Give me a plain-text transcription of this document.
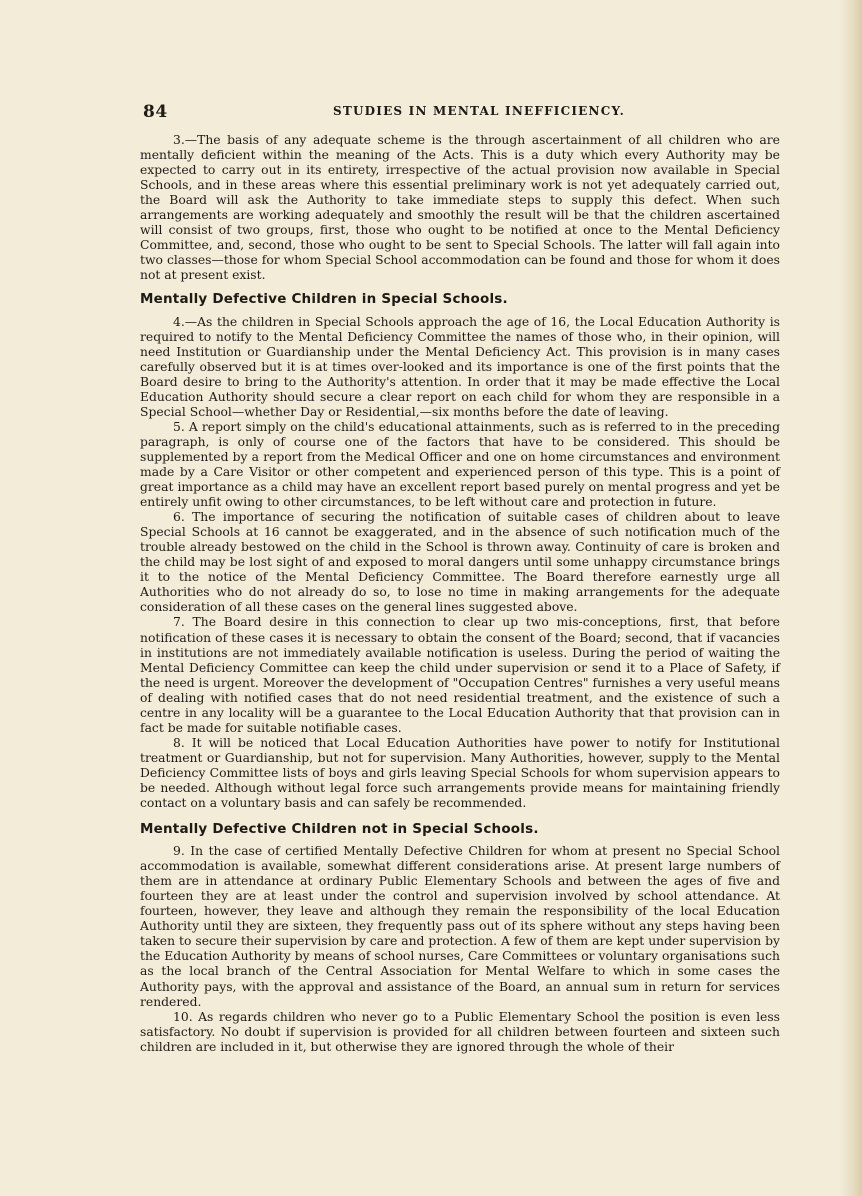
84	STUDIES IN MENTAL INEFFICIENCY.

3.—The basis of any adequate scheme is the through ascertainment of all children who are mentally deficient within the meaning of the Acts. This is a duty which every Authority may be expected to carry out in its entirety, irrespective of the actual provision now available in Special Schools, and in these areas where this essential preliminary work is not yet adequately carried out, the Board will ask the Authority to take immediate steps to supply this defect. When such arrangements are working adequately and smoothly the result will be that the children ascertained will consist of two groups, first, those who ought to be notified at once to the Mental Deficiency Committee, and, second, those who ought to be sent to Special Schools. The latter will fall again into two classes—those for whom Special School accommodation can be found and those for whom it does not at present exist.

Mentally Defective Children in Special Schools.

4.—As the children in Special Schools approach the age of 16, the Local Education Authority is required to notify to the Mental Deficiency Committee the names of those who, in their opinion, will need Institution or Guardianship under the Mental Deficiency Act. This provision is in many cases carefully observed but it is at times over-looked and its importance is one of the first points that the Board desire to bring to the Authority's attention. In order that it may be made effective the Local Education Authority should secure a clear report on each child for whom they are responsible in a Special School—whether Day or Residential,—six months before the date of leaving.

5. A report simply on the child's educational attainments, such as is referred to in the preceding paragraph, is only of course one of the factors that have to be considered. This should be supplemented by a report from the Medical Officer and one on home circumstances and environment made by a Care Visitor or other competent and experienced person of this type. This is a point of great importance as a child may have an excellent report based purely on mental progress and yet be entirely unfit owing to other circumstances, to be left without care and protection in future.

6. The importance of securing the notification of suitable cases of children about to leave Special Schools at 16 cannot be exaggerated, and in the absence of such notification much of the trouble already bestowed on the child in the School is thrown away. Continuity of care is broken and the child may be lost sight of and exposed to moral dangers until some unhappy circumstance brings it to the notice of the Mental Deficiency Committee. The Board therefore earnestly urge all Authorities who do not already do so, to lose no time in making arrangements for the adequate consideration of all these cases on the general lines suggested above.

7. The Board desire in this connection to clear up two mis-conceptions, first, that before notification of these cases it is necessary to obtain the consent of the Board; second, that if vacancies in institutions are not immediately available notification is useless. During the period of waiting the Mental Deficiency Committee can keep the child under supervision or send it to a Place of Safety, if the need is urgent. Moreover the development of "Occupation Centres" furnishes a very useful means of dealing with notified cases that do not need residential treatment, and the existence of such a centre in any locality will be a guarantee to the Local Education Authority that that provision can in fact be made for suitable notifiable cases.

8. It will be noticed that Local Education Authorities have power to notify for Institutional treatment or Guardianship, but not for supervision. Many Authorities, however, supply to the Mental Deficiency Committee lists of boys and girls leaving Special Schools for whom supervision appears to be needed. Although without legal force such arrangements provide means for maintaining friendly contact on a voluntary basis and can safely be recommended.

Mentally Defective Children not in Special Schools.

9. In the case of certified Mentally Defective Children for whom at present no Special School accommodation is available, somewhat different considerations arise. At present large numbers of them are in attendance at ordinary Public Elementary Schools and between the ages of five and fourteen they are at least under the control and supervision involved by school attendance. At fourteen, however, they leave and although they remain the responsibility of the local Education Authority until they are sixteen, they frequently pass out of its sphere without any steps having been taken to secure their supervision by care and protection. A few of them are kept under supervision by the Education Authority by means of school nurses, Care Committees or voluntary organisations such as the local branch of the Central Association for Mental Welfare to which in some cases the Authority pays, with the approval and assistance of the Board, an annual sum in return for services rendered.

10. As regards children who never go to a Public Elementary School the position is even less satisfactory. No doubt if supervision is provided for all children between fourteen and sixteen such children are included in it, but otherwise they are ignored through the whole of their
